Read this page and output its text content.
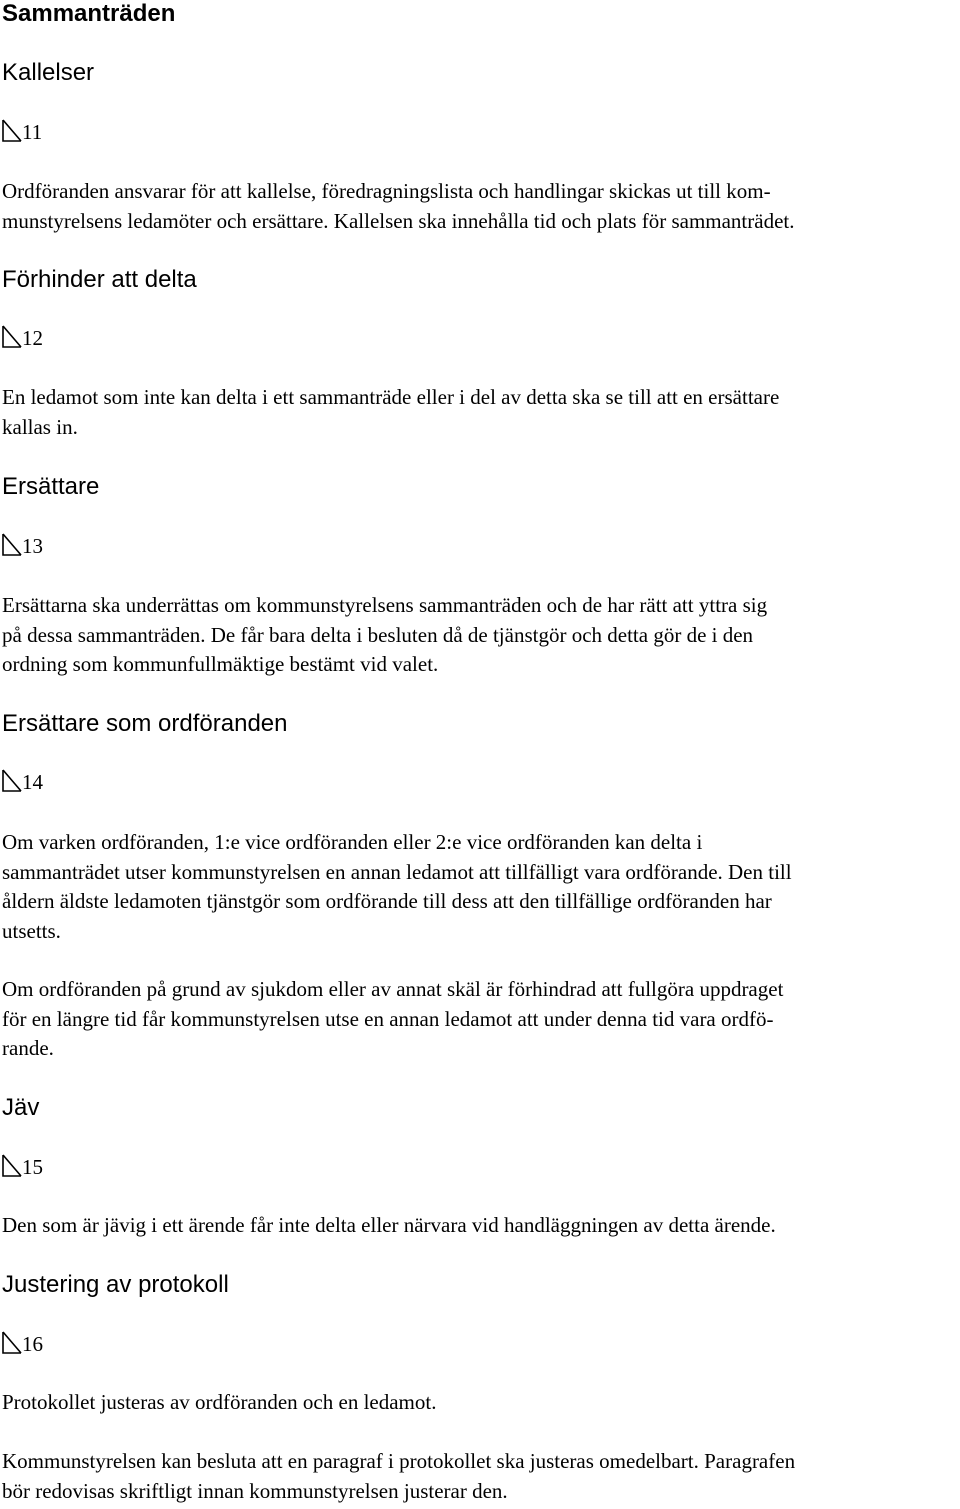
Sammanträden
Kallelser
11
Ordföranden ansvarar för att kallelse, föredragningslista och handlingar skickas ut till kom-
munstyrelsens ledamöter och ersättare. Kallelsen ska innehålla tid och plats för sammanträdet.
Förhinder att delta
12
En ledamot som inte kan delta i ett sammanträde eller i del av detta ska se till att en ersättare
kallas in.
Ersättare
13
Ersättarna ska underrättas om kommunstyrelsens sammanträden och de har rätt att yttra sig
på dessa sammanträden. De får bara delta i besluten då de tjänstgör och detta gör de i den
ordning som kommunfullmäktige bestämt vid valet.
Ersättare som ordföranden
14
Om varken ordföranden, 1:e vice ordföranden eller 2:e vice ordföranden kan delta i
sammanträdet utser kommunstyrelsen en annan ledamot att tillfälligt vara ordförande. Den till
åldern äldste ledamoten tjänstgör som ordförande till dess att den tillfällige ordföranden har
utsetts.
Om ordföranden på grund av sjukdom eller av annat skäl är förhindrad att fullgöra uppdraget
för en längre tid får kommunstyrelsen utse en annan ledamot att under denna tid vara ordfö-
rande.
Jäv
15
Den som är jävig i ett ärende får inte delta eller närvara vid handläggningen av detta ärende.
Justering av protokoll
16
Protokollet justeras av ordföranden och en ledamot.
Kommunstyrelsen kan besluta att en paragraf i protokollet ska justeras omedelbart. Paragrafen
bör redovisas skriftligt innan kommunstyrelsen justerar den.
